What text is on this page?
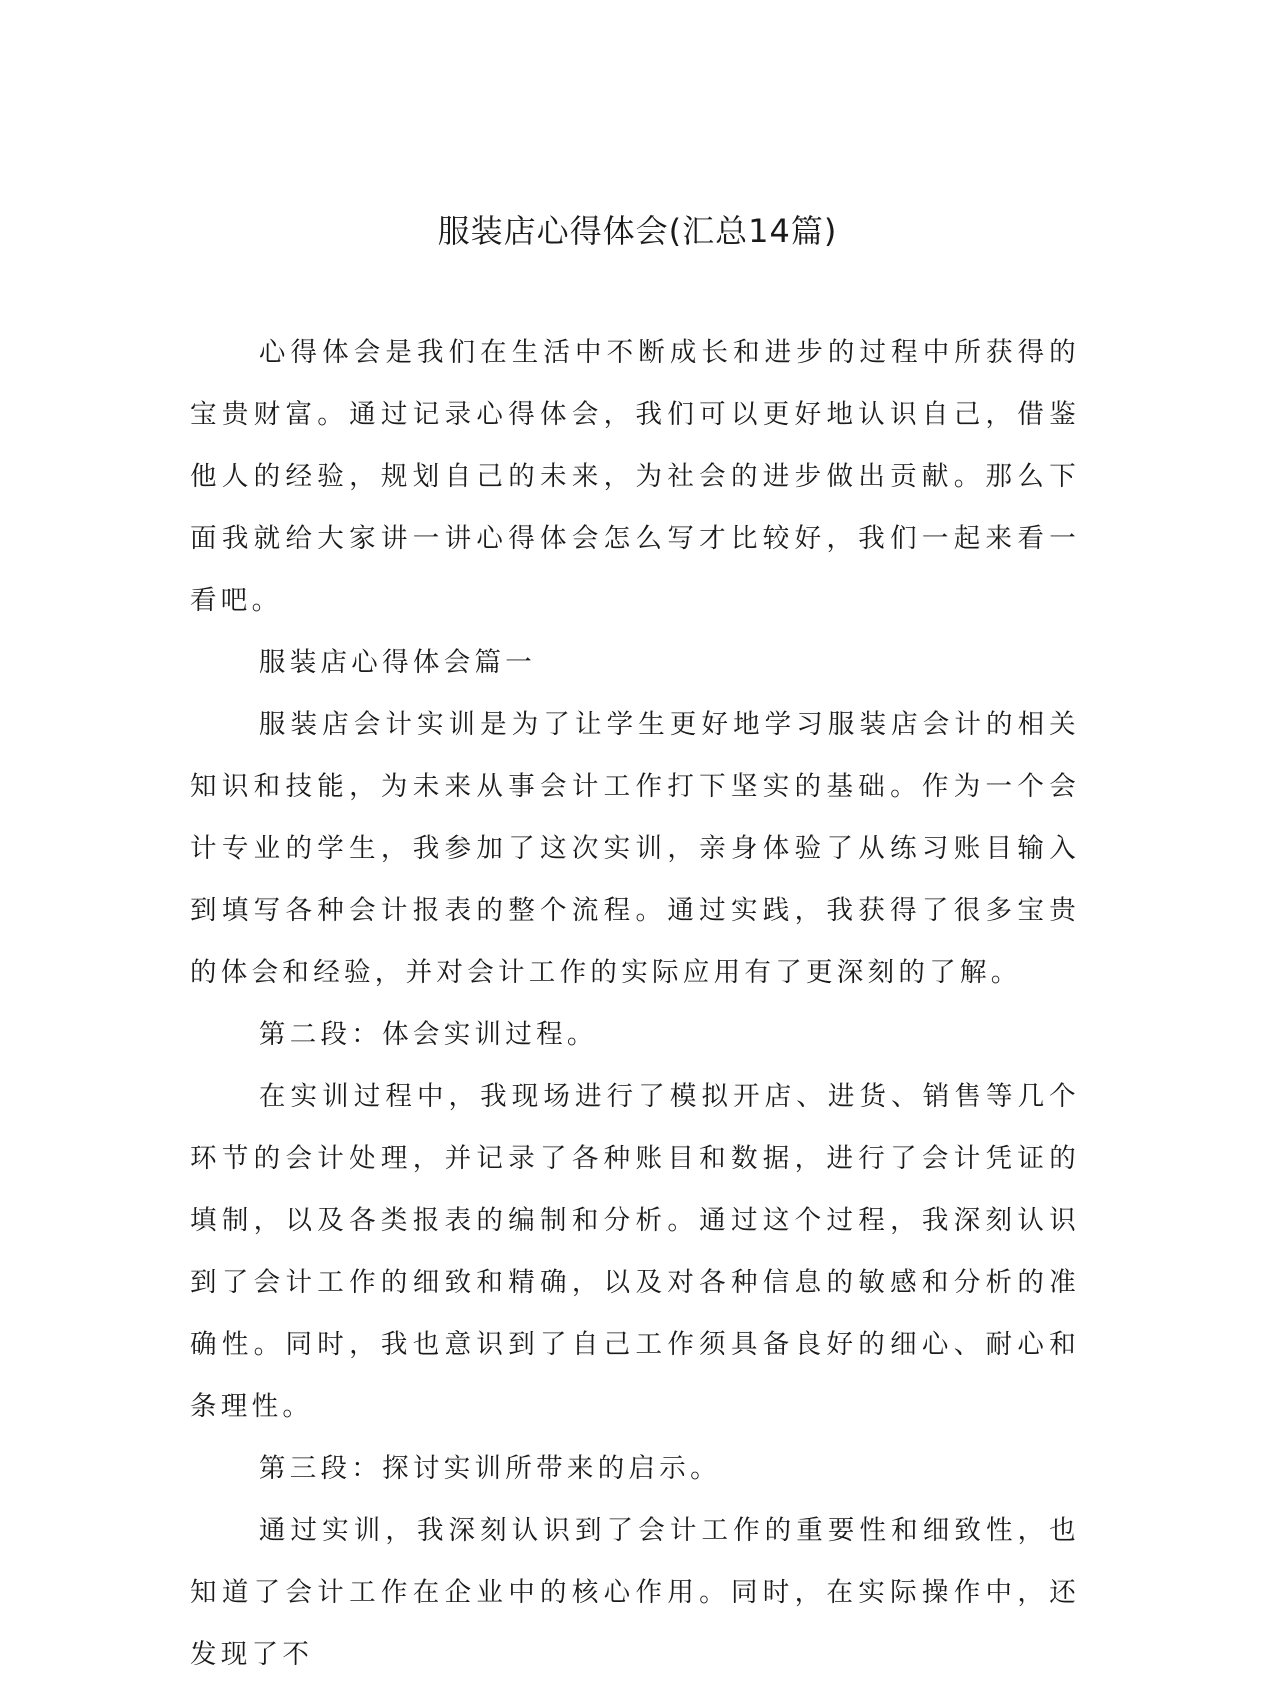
服装店心得体会(汇总14篇)

心得体会是我们在生活中不断成长和进步的过程中所获得的宝贵财富。通过记录心得体会，我们可以更好地认识自己，借鉴他人的经验，规划自己的未来，为社会的进步做出贡献。那么下面我就给大家讲一讲心得体会怎么写才比较好，我们一起来看一看吧。

服装店心得体会篇一

服装店会计实训是为了让学生更好地学习服装店会计的相关知识和技能，为未来从事会计工作打下坚实的基础。作为一个会计专业的学生，我参加了这次实训，亲身体验了从练习账目输入到填写各种会计报表的整个流程。通过实践，我获得了很多宝贵的体会和经验，并对会计工作的实际应用有了更深刻的了解。

第二段：体会实训过程。

在实训过程中，我现场进行了模拟开店、进货、销售等几个环节的会计处理，并记录了各种账目和数据，进行了会计凭证的填制，以及各类报表的编制和分析。通过这个过程，我深刻认识到了会计工作的细致和精确，以及对各种信息的敏感和分析的准确性。同时，我也意识到了自己工作须具备良好的细心、耐心和条理性。

第三段：探讨实训所带来的启示。

通过实训，我深刻认识到了会计工作的重要性和细致性，也知道了会计工作在企业中的核心作用。同时，在实际操作中，还发现了不
